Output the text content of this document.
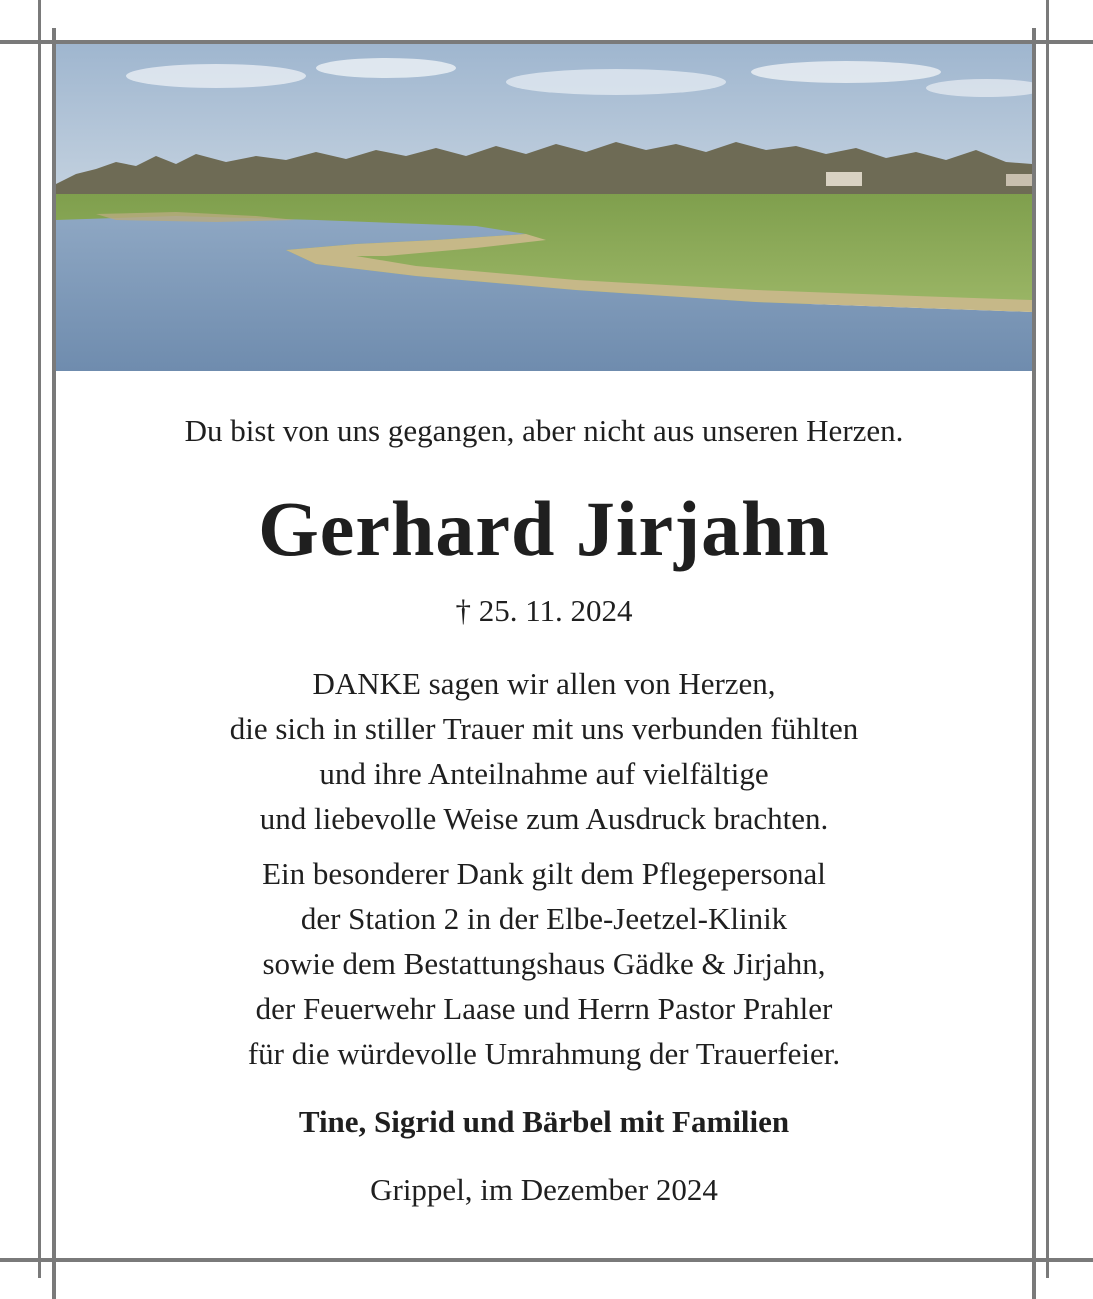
Du bist von uns gegangen, aber nicht aus unseren Herzen.
Gerhard Jirjahn
† 25. 11. 2024
DANKE sagen wir allen von Herzen,
die sich in stiller Trauer mit uns verbunden fühlten
und ihre Anteilnahme auf vielfältige
und liebevolle Weise zum Ausdruck brachten.
Ein besonderer Dank gilt dem Pflegepersonal
der Station 2 in der Elbe-Jeetzel-Klinik
sowie dem Bestattungshaus Gädke & Jirjahn,
der Feuerwehr Laase und Herrn Pastor Prahler
für die würdevolle Umrahmung der Trauerfeier.
Tine, Sigrid und Bärbel mit Familien
Grippel, im Dezember 2024
